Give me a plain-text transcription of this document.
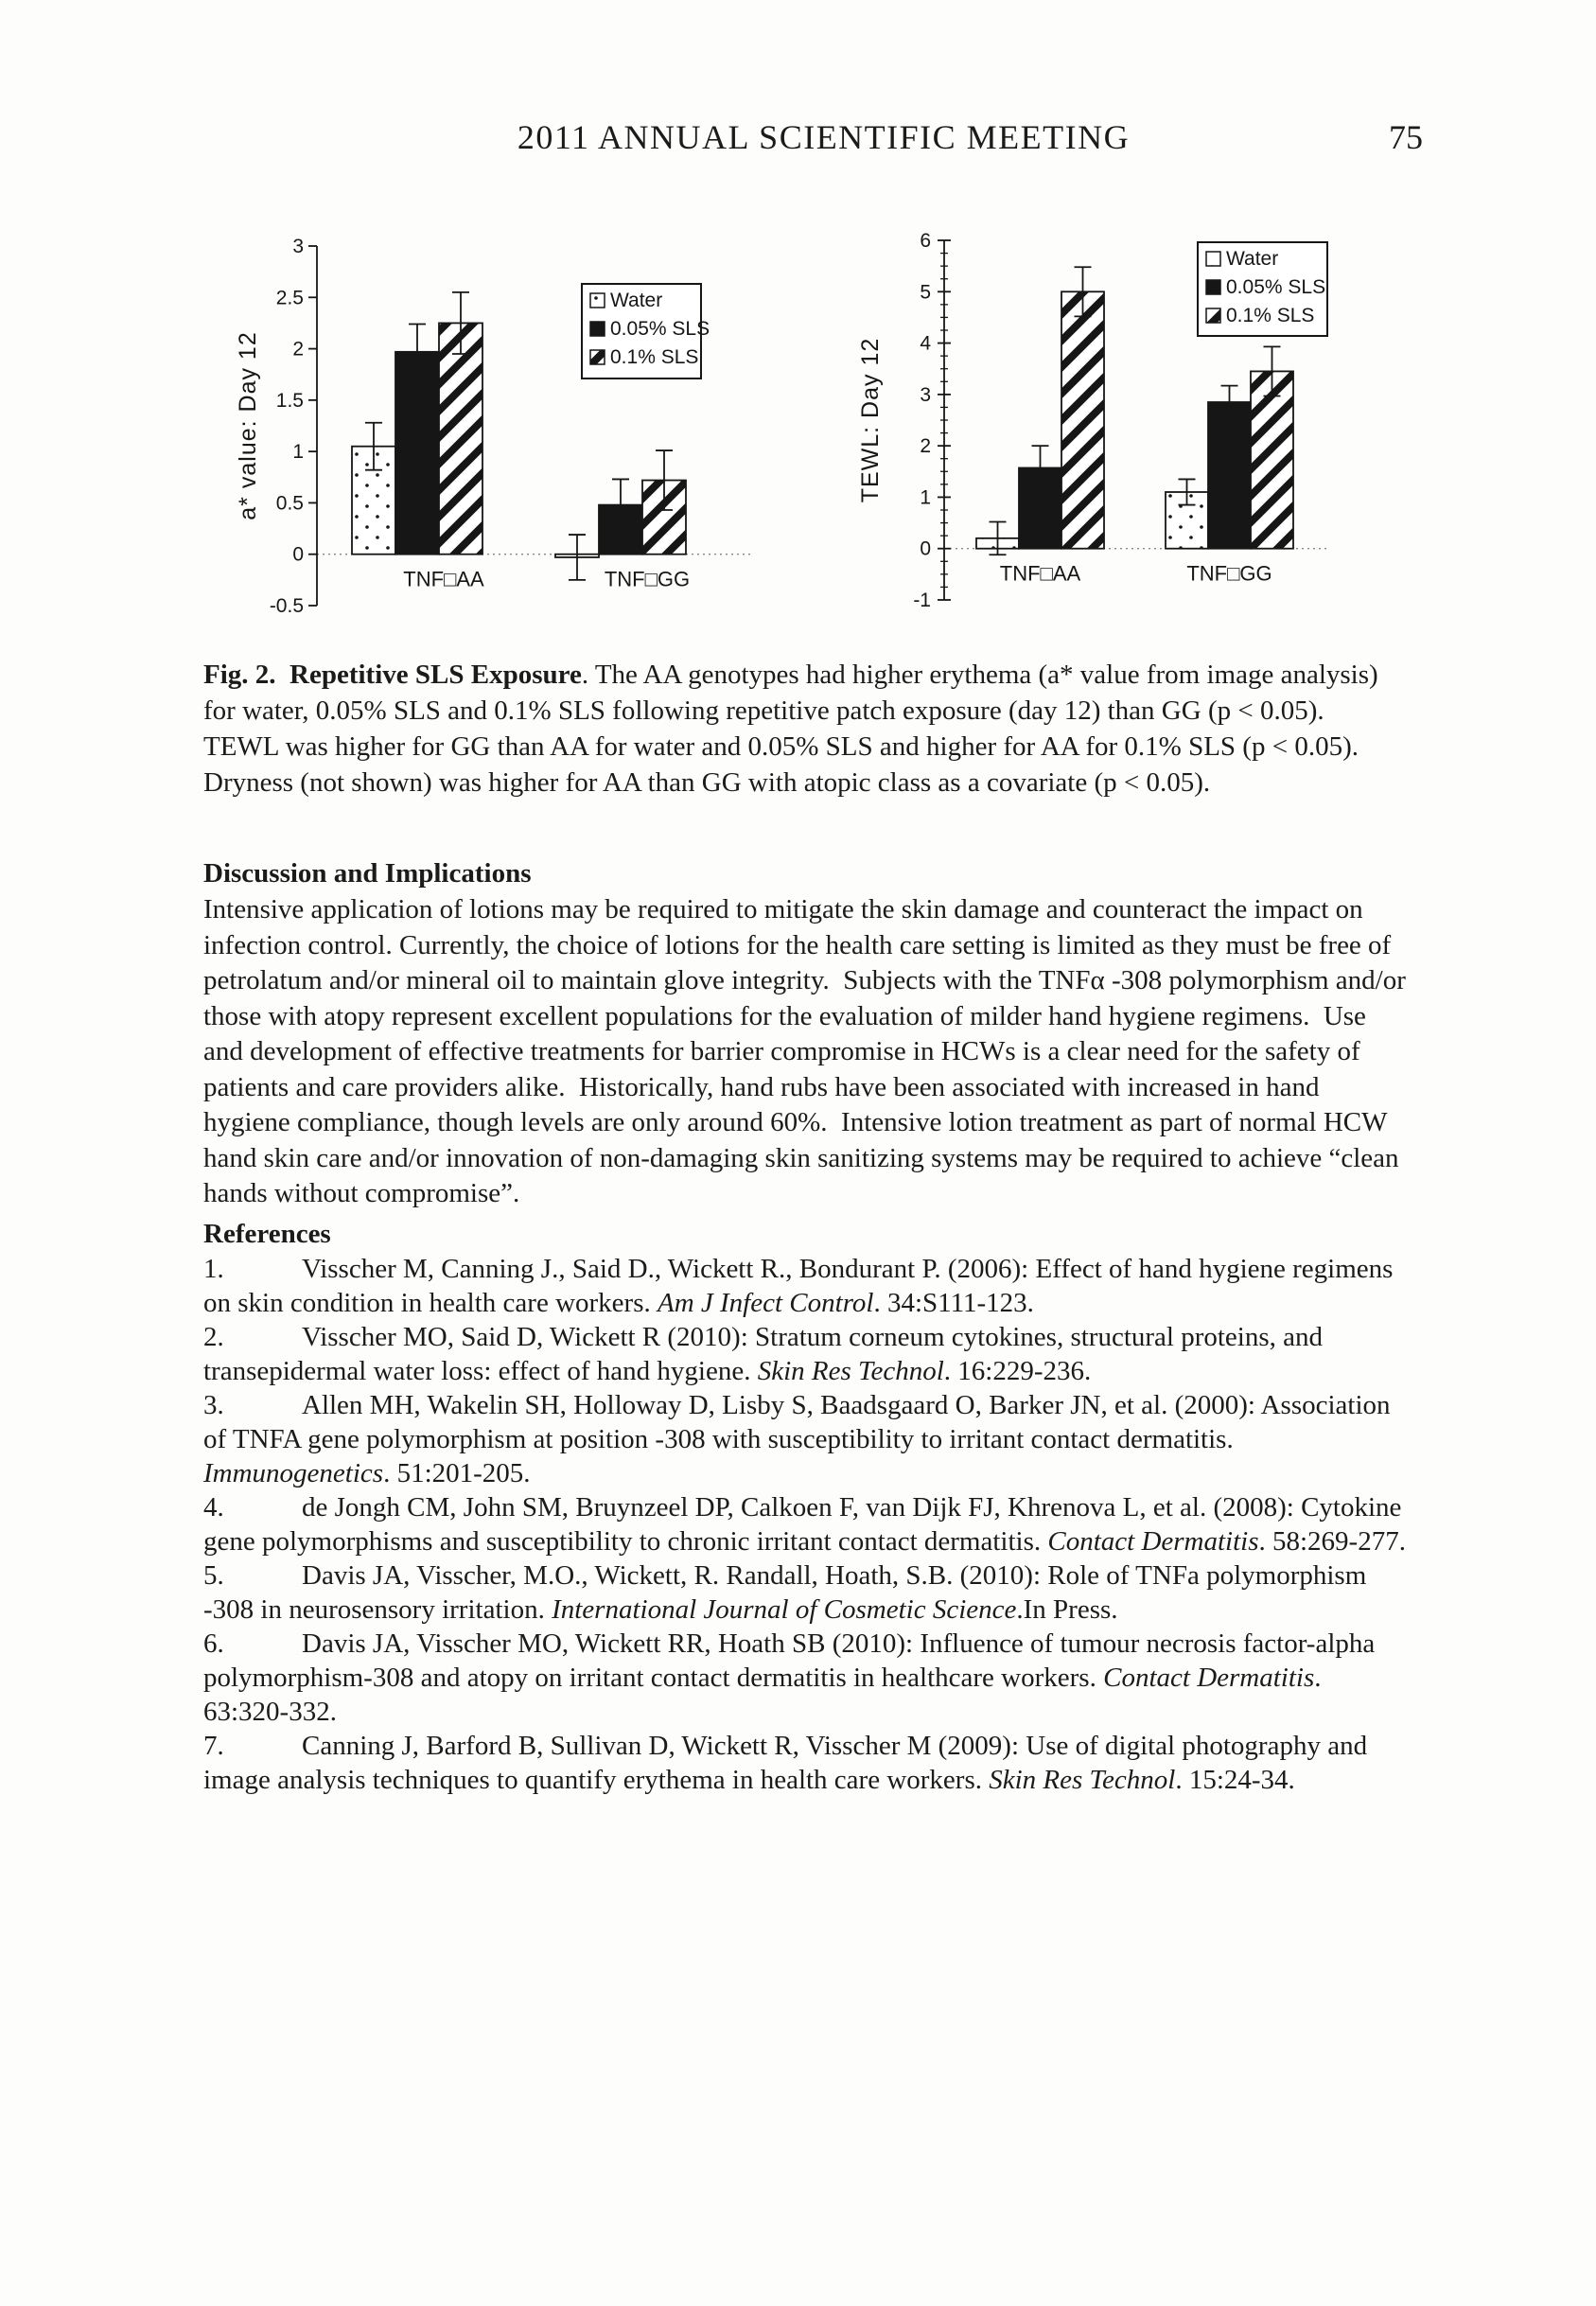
2011 ANNUAL SCIENTIFIC MEETING	75
-0.5
0
0.5
1
1.5
2
2.5
3
TNF□AA	TNF□GG
a* value: Day 12
Water
0.05% SLS
0.1% SLS
-1
0
1
2
3
4
5
6
TNF□AA	TNF□GG
TEWL: Day 12
Water
0.05% SLS
0.1% SLS

Fig. 2.  Repetitive SLS Exposure. The AA genotypes had higher erythema (a* value from image analysis) for water, 0.05% SLS and 0.1% SLS following repetitive patch exposure (day 12) than GG (p < 0.05).  TEWL was higher for GG than AA for water and 0.05% SLS and higher for AA for 0.1% SLS (p < 0.05).  Dryness (not shown) was higher for AA than GG with atopic class as a covariate (p < 0.05).

Discussion and Implications

Intensive application of lotions may be required to mitigate the skin damage and counteract the impact on infection control. Currently, the choice of lotions for the health care setting is limited as they must be free of petrolatum and/or mineral oil to maintain glove integrity.  Subjects with the TNFα -308 polymorphism and/or those with atopy represent excellent populations for the evaluation of milder hand hygiene regimens.  Use and development of effective treatments for barrier compromise in HCWs is a clear need for the safety of patients and care providers alike.  Historically, hand rubs have been associated with increased in hand hygiene compliance, though levels are only around 60%.  Intensive lotion treatment as part of normal HCW hand skin care and/or innovation of non-damaging skin sanitizing systems may be required to achieve “clean hands without compromise”.

References

1.	Visscher M, Canning J., Said D., Wickett R., Bondurant P. (2006): Effect of hand hygiene regimens on skin condition in health care workers. Am J Infect Control. 34:S111-123.

2.	Visscher MO, Said D, Wickett R (2010): Stratum corneum cytokines, structural proteins, and transepidermal water loss: effect of hand hygiene. Skin Res Technol. 16:229-236.

3.	Allen MH, Wakelin SH, Holloway D, Lisby S, Baadsgaard O, Barker JN, et al. (2000): Association of TNFA gene polymorphism at position -308 with susceptibility to irritant contact dermatitis. Immunogenetics. 51:201-205.

4.	de Jongh CM, John SM, Bruynzeel DP, Calkoen F, van Dijk FJ, Khrenova L, et al. (2008): Cytokine gene polymorphisms and susceptibility to chronic irritant contact dermatitis. Contact Dermatitis. 58:269-277.

5.	Davis JA, Visscher, M.O., Wickett, R. Randall, Hoath, S.B. (2010): Role of TNFa polymorphism -308 in neurosensory irritation. International Journal of Cosmetic Science.In Press.

6.	Davis JA, Visscher MO, Wickett RR, Hoath SB (2010): Influence of tumour necrosis factor-alpha polymorphism-308 and atopy on irritant contact dermatitis in healthcare workers. Contact Dermatitis. 63:320-332.

7.	Canning J, Barford B, Sullivan D, Wickett R, Visscher M (2009): Use of digital photography and image analysis techniques to quantify erythema in health care workers. Skin Res Technol. 15:24-34.
